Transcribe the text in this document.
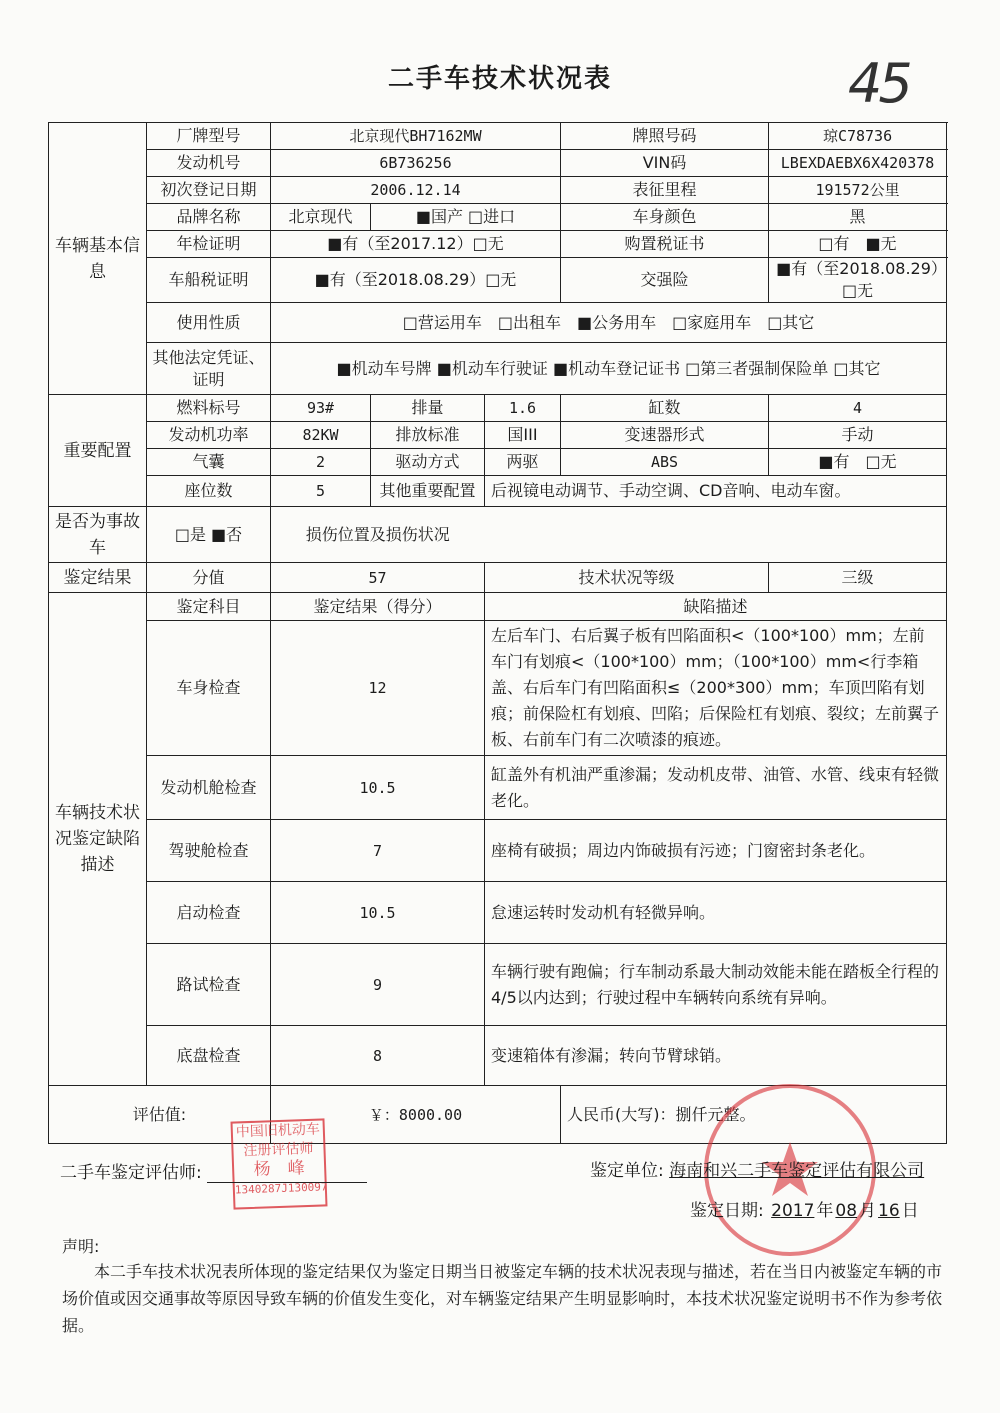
二手车技术状况表	45
车辆基本信息	厂牌型号	北京现代BH7162MW			牌照号码	琼C78736
	发动机号	6B736256			VIN码	LBEXDAEBX6X420378
	初次登记日期	2006.12.14			表征里程	191572公里
	品牌名称	北京现代	■国产 □进口		车身颜色	黑
	年检证明	■有（至2017.12）□无			购置税证书	□有　■无
	车船税证明	■有（至2018.08.29）□无			交强险	■有（至2018.08.29）□无
	使用性质	□营运用车　□出租车　■公务用车　□家庭用车　□其它				
	其他法定凭证、证明	■机动车号牌 ■机动车行驶证 ■机动车登记证书 □第三者强制保险单 □其它				
重要配置	燃料标号	93#	排量	1.6	缸数	4
	发动机功率	82KW	排放标准	国III	变速器形式	手动
	气囊	2	驱动方式	两驱	ABS	■有　□无
	座位数	5	其他重要配置	后视镜电动调节、手动空调、CD音响、电动车窗。		
是否为事故车	□是 ■否	损伤位置及损伤状况				
鉴定结果	分值	57		技术状况等级		三级
车辆技术状况鉴定缺陷描述	鉴定科目	鉴定结果（得分）		缺陷描述		
	车身检查	12		左后车门、右后翼子板有凹陷面积<（100*100）mm；左前车门有划痕<（100*100）mm；（100*100）mm<行李箱盖、右后车门有凹陷面积≤（200*300）mm；车顶凹陷有划痕；前保险杠有划痕、凹陷；后保险杠有划痕、裂纹；左前翼子板、右前车门有二次喷漆的痕迹。		
	发动机舱检查	10.5		缸盖外有机油严重渗漏；发动机皮带、油管、水管、线束有轻微老化。		
	驾驶舱检查	7		座椅有破损；周边内饰破损有污迹；门窗密封条老化。		
	启动检查	10.5		怠速运转时发动机有轻微异响。		
	路试检查	9		车辆行驶有跑偏；行车制动系最大制动效能未能在踏板全行程的4/5以内达到；行驶过程中车辆转向系统有异响。		
	底盘检查	8		变速箱体有渗漏；转向节臂球销。		
评估值:		￥：8000.00			人民币(大写)：捌仟元整。	
中国旧机动车
注册评估师
杨　峰
1340287J130097
二手车鉴定评估师:	鉴定单位: 海南和兴二手车鉴定评估有限公司
鉴定日期: 2017 年 08 月 16 日
声明:
本二手车技术状况表所体现的鉴定结果仅为鉴定日期当日被鉴定车辆的技术状况表现与描述，若在当日内被鉴定车辆的市场价值或因交通事故等原因导致车辆的价值发生变化，对车辆鉴定结果产生明显影响时，本技术状况鉴定说明书不作为参考依据。
